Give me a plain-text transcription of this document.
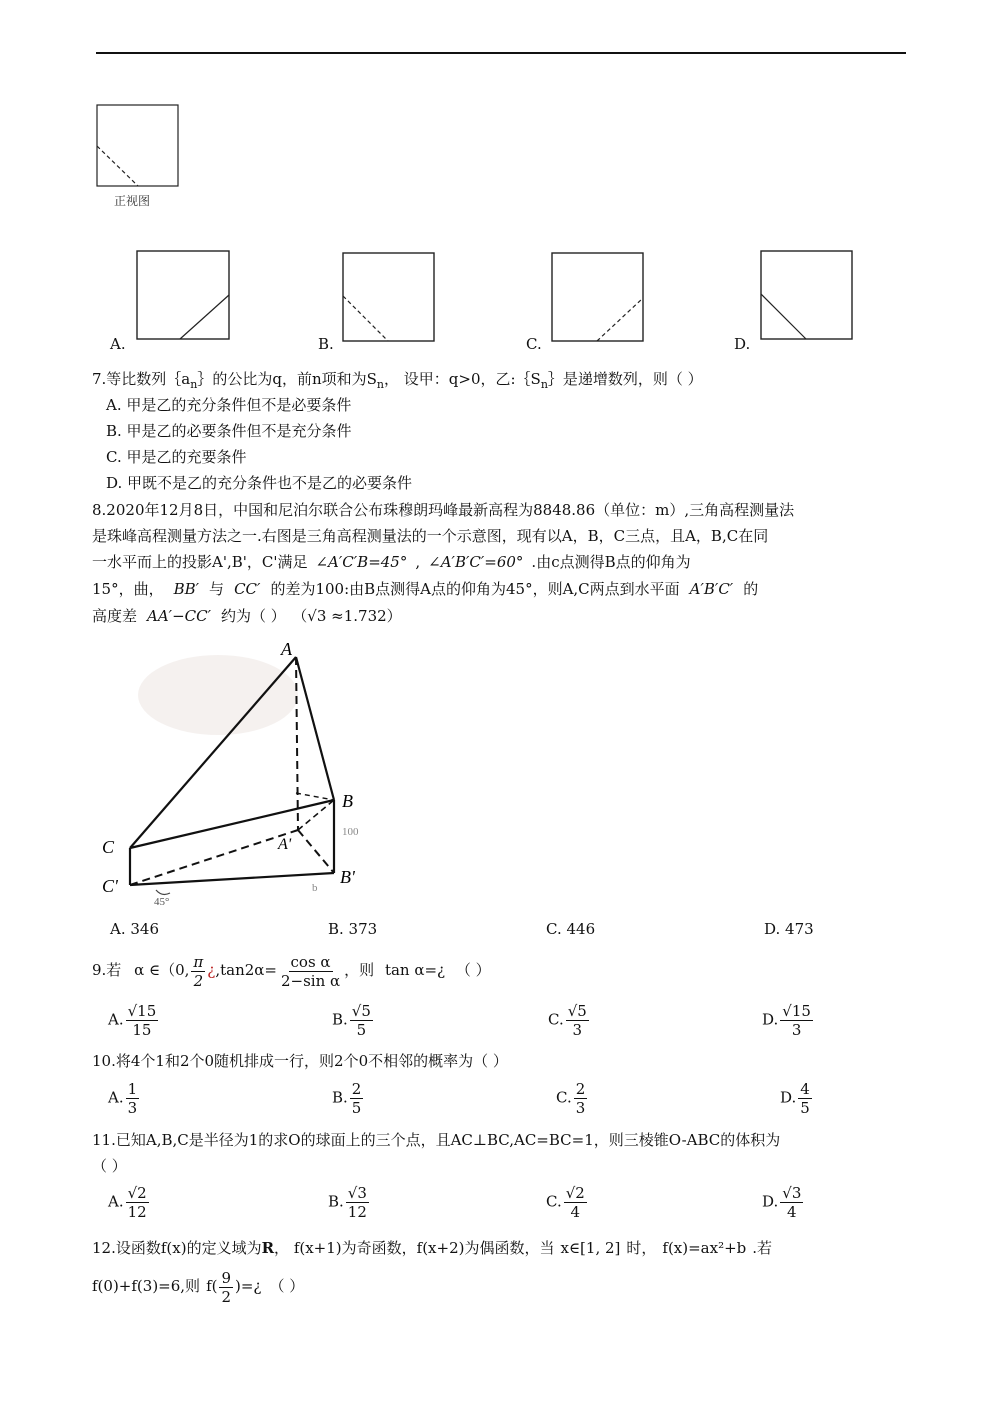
正视图
A.	B.	C.	D.
7.等比数列$\{a_n\}$的公比为q，前n项和为$S_n$， 设甲：q>0，乙$:\{S_n\}$是递增数列，则（ ）
A. 甲是乙的充分条件但不是必要条件
B. 甲是乙的必要条件但不是充分条件
C. 甲是乙的充要条件
D. 甲既不是乙的充分条件也不是乙的必要条件
8.2020年12月8日，中国和尼泊尔联合公布珠穆朗玛峰最新高程为8848.86（单位：m）,三角高程测量法
是珠峰高程测量方法之一.右图是三角高程测量法的一个示意图，现有以A，B，C三点，且A，B,C在同
一水平而上的投影A',B'，C'满足 ∠A′C′B=45° , ∠A′B′C′=60° .由c点测得B点的仰角为
15°，曲， BB′ 与 CC′ 的差为100:由B点测得A点的仰角为45°，则A,C两点到水平面 A′B′C′ 的
高度差 AA′−CC′ 约为（ ） （√3 ≈1.732）
A
B
C	A'
B'
C'
100
45°
b
A. 346	B. 373	C. 446	D. 473
9.若 α ∈（0, $\frac{\pi}{2}$ ¿$,\tan 2\alpha= \frac{\text{cos α}}{\text{2−sin α}}$ ，则 tan α=¿ （ ）
A. $\frac{√15}{15}$	B. $\frac{√5}{5}$	C. $\frac{√5}{3}$	D. $\frac{√15}{3}$
10.将4个1和2个0随机排成一行，则2个0不相邻的概率为（ ）
A. $\frac{1}{3}$	B. $\frac{2}{5}$	C. $\frac{2}{3}$	D. $\frac{4}{5}$
11.已知A,B,C是半径为1的求O的球面上的三个点，且AC⊥BC,AC=BC=1，则三棱锥O-ABC的体积为
（ ）
A. $\frac{√2}{12}$	B. $\frac{√3}{12}$	C. $\frac{√2}{4}$	D. $\frac{√3}{4}$
12.设函数f(x)的定义域为R， f(x+1)为奇函数，f(x+2)为偶函数，当 x∈[1, 2] 时， f(x)=ax²+b .若
f(0)+f(3)=6,则 $f( \frac{9}{2}$ )=¿ （ ）
